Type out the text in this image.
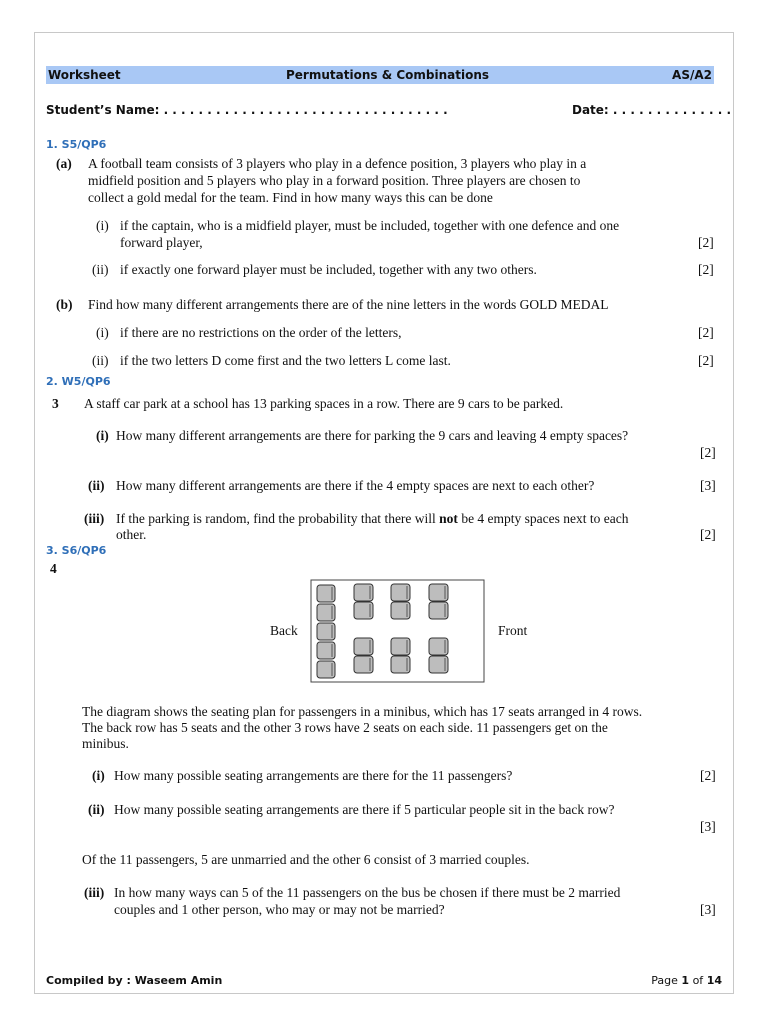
Worksheet	Permutations & Combinations	AS/A2
Student’s Name: . . . . . . . . . . . . . . . . . . . . . . . . . . . . . . . . .	Date: . . . . . . . . . . . . . .
1. S5/QP6
(a) A football team consists of 3 players who play in a defence position, 3 players who play in a
midfield position and 5 players who play in a forward position. Three players are chosen to
collect a gold medal for the team. Find in how many ways this can be done
(i) if the captain, who is a midfield player, must be included, together with one defence and one
forward player,	[2]
(ii) if exactly one forward player must be included, together with any two others.	[2]
(b) Find how many different arrangements there are of the nine letters in the words GOLD MEDAL
(i) if there are no restrictions on the order of the letters,	[2]
(ii) if the two letters D come first and the two letters L come last.	[2]
2. W5/QP6
3 A staff car park at a school has 13 parking spaces in a row. There are 9 cars to be parked.
(i) How many different arrangements are there for parking the 9 cars and leaving 4 empty spaces?
[2]
(ii) How many different arrangements are there if the 4 empty spaces are next to each other?	[3]
(iii) If the parking is random, find the probability that there will not be 4 empty spaces next to each
other.	[2]
3. S6/QP6
4
Back	Front
The diagram shows the seating plan for passengers in a minibus, which has 17 seats arranged in 4 rows.
The back row has 5 seats and the other 3 rows have 2 seats on each side. 11 passengers get on the
minibus.
(i) How many possible seating arrangements are there for the 11 passengers?	[2]
(ii) How many possible seating arrangements are there if 5 particular people sit in the back row?
[3]
Of the 11 passengers, 5 are unmarried and the other 6 consist of 3 married couples.
(iii) In how many ways can 5 of the 11 passengers on the bus be chosen if there must be 2 married
couples and 1 other person, who may or may not be married?	[3]
Compiled by : Waseem Amin	Page 1 of 14
